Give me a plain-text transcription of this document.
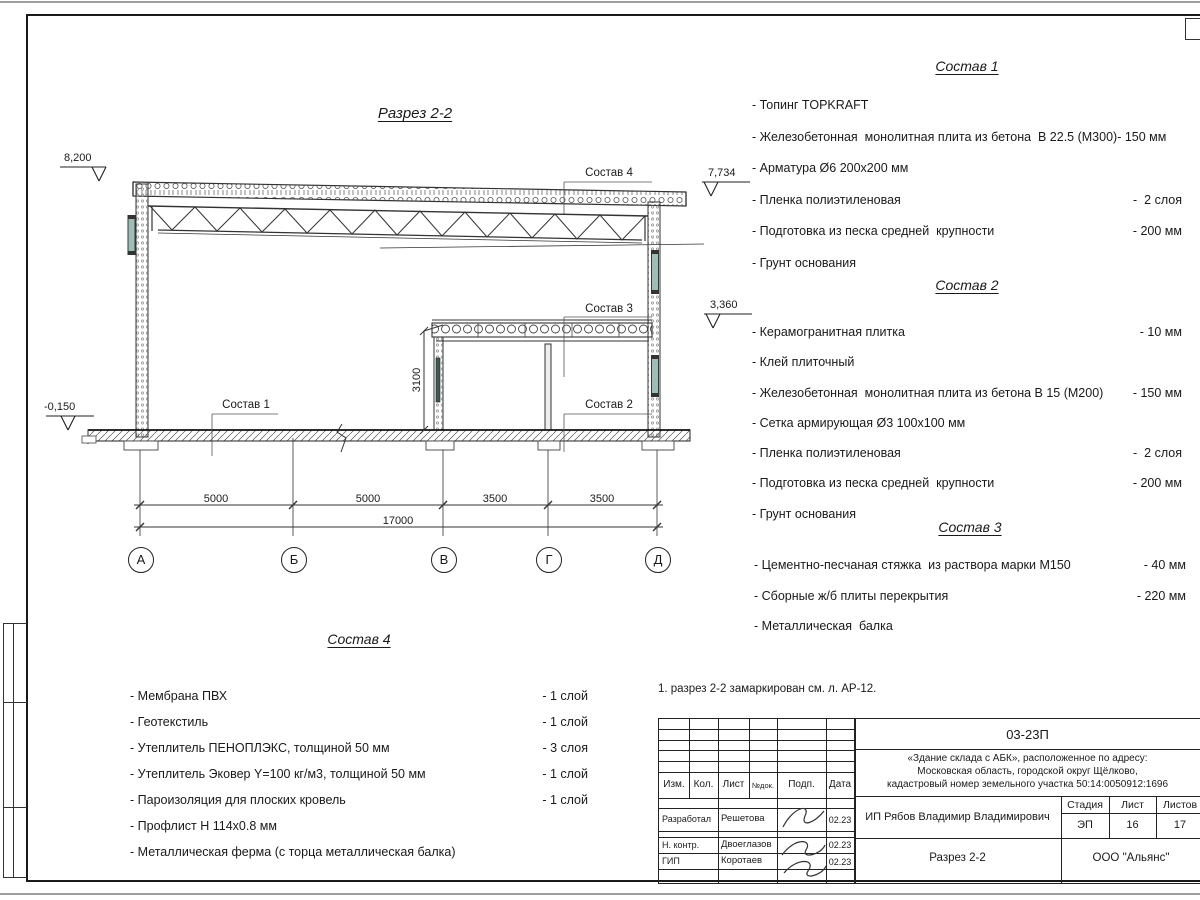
Разрез 2-2
8,200
7,734
3,360
-0,150
Состав 4
Состав 3
Состав 1	Состав 2
3100
5000	5000	3500	3500
17000
А	Б	В	Г	Д
Состав 1
- Топинг TOPKRAFT
- Железобетонная  монолитная плита из бетона  В 22.5 (М300)- 150 мм
- Арматура Ø6 200х200 мм
- Пленка полиэтиленовая	-  2 слоя
- Подготовка из песка средней  крупности	- 200 мм
- Грунт основания
Состав 2
- Керамогранитная плитка	- 10 мм
- Клей плиточный
- Железобетонная  монолитная плита из бетона В 15 (М200) - 150 мм
- Сетка армирующая Ø3 100х100 мм
- Пленка полиэтиленовая	-  2 слоя
- Подготовка из песка средней  крупности	- 200 мм
- Грунт основания
Состав 3
- Цементно-песчаная стяжка  из раствора марки М150	- 40 мм
- Сборные ж/б плиты перекрытия	- 220 мм
- Металлическая  балка
Состав 4
- Мембрана ПВХ	- 1 слой
- Геотекстиль	- 1 слой
- Утеплитель ПЕНОПЛЭКС, толщиной 50 мм	- 3 слоя
- Утеплитель Эковер Y=100 кг/м3, толщиной 50 мм	- 1 слой
- Пароизоляция для плоских кровель	- 1 слой
- Профлист Н 114х0.8 мм
- Металлическая ферма (с торца металлическая балка)
1. разрез 2-2 замаркирован см. л. АР-12.
Изм. Кол. Лист	№док.	Подп.	Дата
Разработал Решетова	02.23
Н. контр. Двоеглазов	02.23
ГИП	Коротаев	02.23
03-23П
«Здание склада с АБК», расположенное по адресу:
Московская область, городской округ Щёлково,
кадастровый номер земельного участка 50:14:0050912:1696
ИП Рябов Владимир Владимирович
Разрез 2-2
Стадия	Лист	Листов
ЭП	16	17
ООО "Альянс"
